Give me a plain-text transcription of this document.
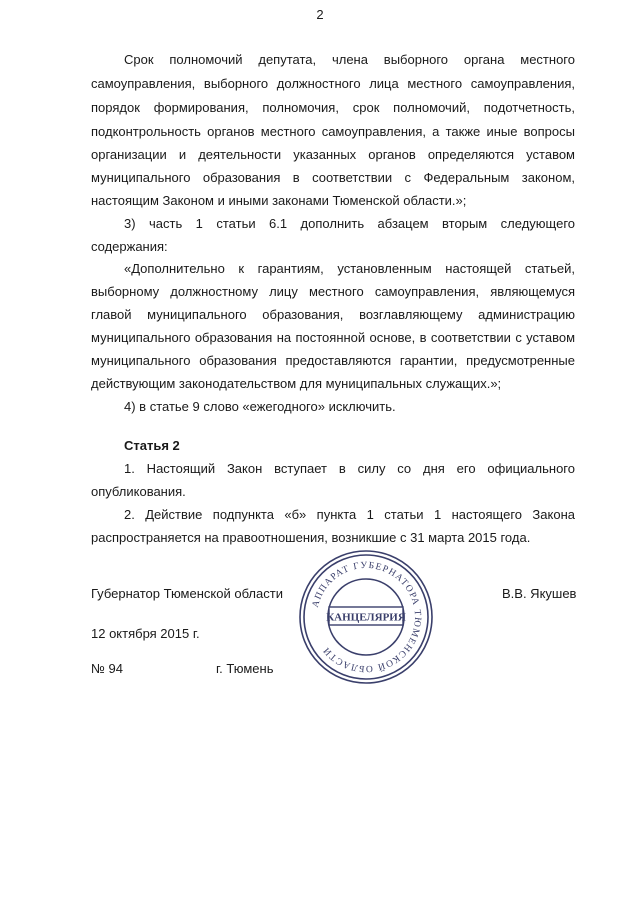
2
Срок полномочий депутата, члена выборного органа местного
самоуправления, выборного должностного лица местного самоуправления,
порядок формирования, полномочия, срок полномочий, подотчетность,
подконтрольность органов местного самоуправления, а также иные вопросы
организации и деятельности указанных органов определяются уставом
муниципального образования в соответствии с Федеральным законом,
настоящим Законом и иными законами Тюменской области.»;
3) часть 1 статьи 6.1 дополнить абзацем вторым следующего
содержания:
«Дополнительно к гарантиям, установленным настоящей статьей,
выборному должностному лицу местного самоуправления, являющемуся
главой муниципального образования, возглавляющему администрацию
муниципального образования на постоянной основе, в соответствии с уставом
муниципального образования предоставляются гарантии, предусмотренные
действующим законодательством для муниципальных служащих.»;
4) в статье 9 слово «ежегодного» исключить.
Статья 2
1. Настоящий Закон вступает в силу со дня его официального
опубликования.
2. Действие подпункта «б» пункта 1 статьи 1 настоящего Закона
распространяется на правоотношения, возникшие с 31 марта 2015 года.
Губернатор Тюменской области	В.В. Якушев
12 октября 2015 г.
№ 94	г. Тюмень
АППАРАТ ГУБЕРНАТОРА ТЮМЕНСКОЙ ОБЛАСТИ
КАНЦЕЛЯРИЯ
